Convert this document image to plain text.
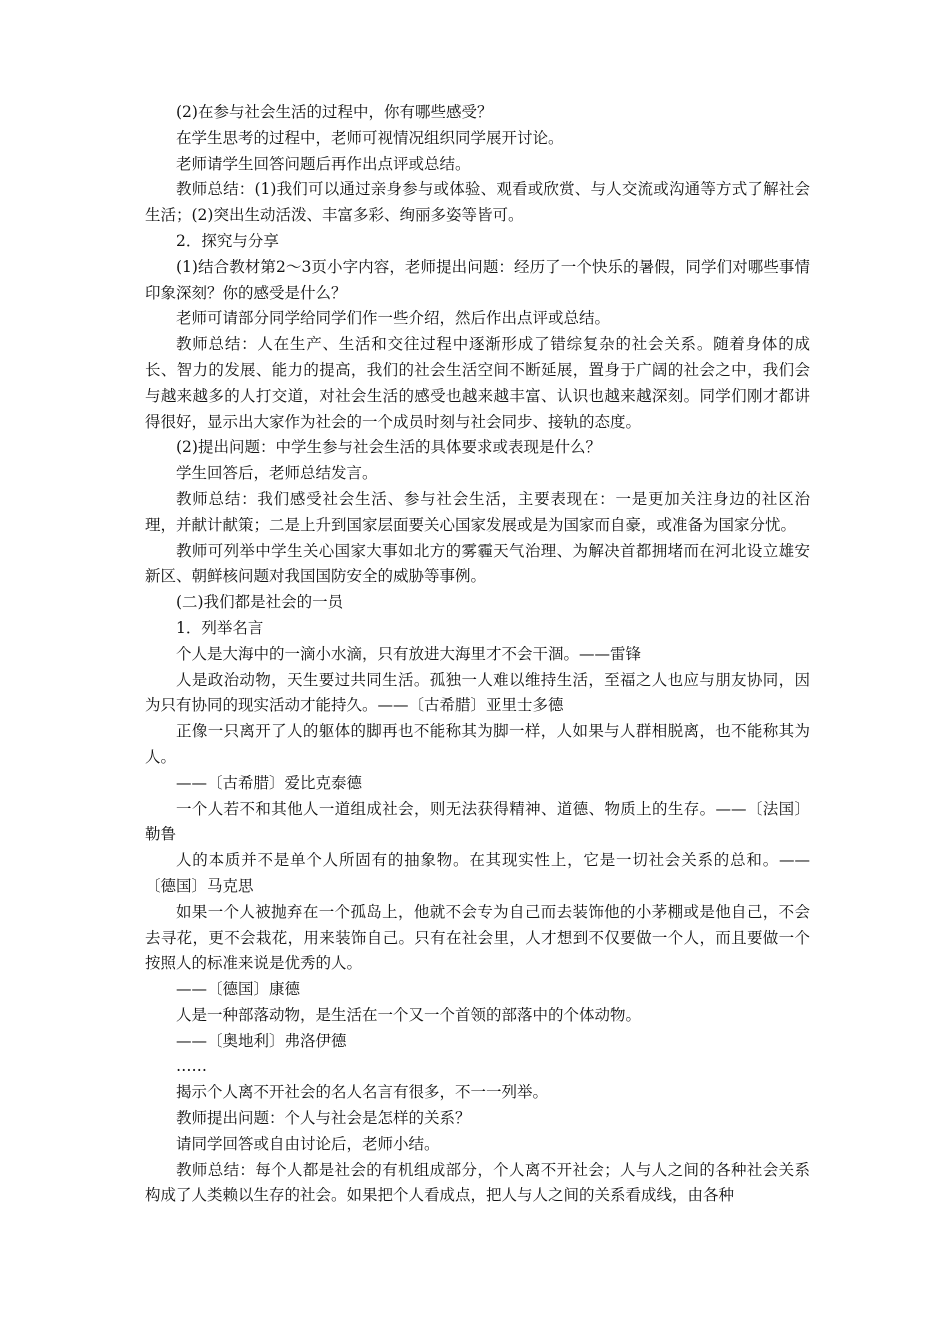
(2)在参与社会生活的过程中，你有哪些感受？

在学生思考的过程中，老师可视情况组织同学展开讨论。

老师请学生回答问题后再作出点评或总结。

教师总结：(1)我们可以通过亲身参与或体验、观看或欣赏、与人交流或沟通等方式了解社会生活；(2)突出生动活泼、丰富多彩、绚丽多姿等皆可。

2．探究与分享

(1)结合教材第2～3页小字内容，老师提出问题：经历了一个快乐的暑假，同学们对哪些事情印象深刻？你的感受是什么？

老师可请部分同学给同学们作一些介绍，然后作出点评或总结。

教师总结：人在生产、生活和交往过程中逐渐形成了错综复杂的社会关系。随着身体的成长、智力的发展、能力的提高，我们的社会生活空间不断延展，置身于广阔的社会之中，我们会与越来越多的人打交道，对社会生活的感受也越来越丰富、认识也越来越深刻。同学们刚才都讲得很好，显示出大家作为社会的一个成员时刻与社会同步、接轨的态度。

(2)提出问题：中学生参与社会生活的具体要求或表现是什么？

学生回答后，老师总结发言。

教师总结：我们感受社会生活、参与社会生活，主要表现在：一是更加关注身边的社区治理，并献计献策；二是上升到国家层面要关心国家发展或是为国家而自豪，或准备为国家分忧。

教师可列举中学生关心国家大事如北方的雾霾天气治理、为解决首都拥堵而在河北设立雄安新区、朝鲜核问题对我国国防安全的威胁等事例。

(二)我们都是社会的一员

1．列举名言

个人是大海中的一滴小水滴，只有放进大海里才不会干涸。——雷锋

人是政治动物，天生要过共同生活。孤独一人难以维持生活，至福之人也应与朋友协同，因为只有协同的现实活动才能持久。——〔古希腊〕亚里士多德

正像一只离开了人的躯体的脚再也不能称其为脚一样，人如果与人群相脱离，也不能称其为人。

——〔古希腊〕爱比克泰德

一个人若不和其他人一道组成社会，则无法获得精神、道德、物质上的生存。——〔法国〕勒鲁

人的本质并不是单个人所固有的抽象物。在其现实性上，它是一切社会关系的总和。——〔德国〕马克思

如果一个人被抛弃在一个孤岛上，他就不会专为自己而去装饰他的小茅棚或是他自己，不会去寻花，更不会栽花，用来装饰自己。只有在社会里，人才想到不仅要做一个人，而且要做一个按照人的标准来说是优秀的人。

——〔德国〕康德

人是一种部落动物，是生活在一个又一个首领的部落中的个体动物。

——〔奥地利〕弗洛伊德

……

揭示个人离不开社会的名人名言有很多，不一一列举。

教师提出问题：个人与社会是怎样的关系？

请同学回答或自由讨论后，老师小结。

教师总结：每个人都是社会的有机组成部分，个人离不开社会；人与人之间的各种社会关系构成了人类赖以生存的社会。如果把个人看成点，把人与人之间的关系看成线，由各种
